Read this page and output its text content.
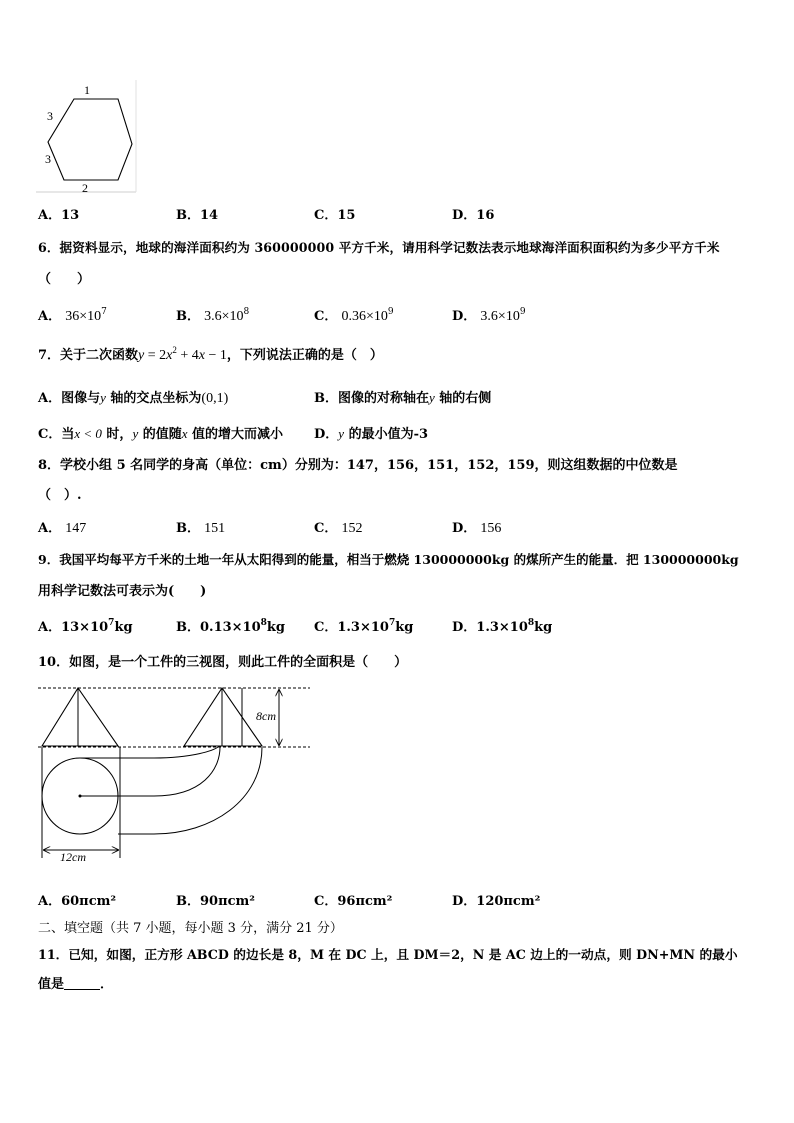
1
3
3
2
A．13	B．14	C．15	D．16
6．据资料显示，地球的海洋面积约为 360000000 平方千米，请用科学记数法表示地球海洋面积面积约为多少平方千米
（　　）
A． $36\times 10^7$	B． $3.6\times 10^8$	C． $0.36\times 10^9$	D． $3.6\times 10^9$
7．关于二次函数$y = 2x^2 + 4x - 1$，下列说法正确的是（　）
A．图像与y 轴的交点坐标为(0,1)	B．图像的对称轴在y 轴的右侧
C．当x < 0 时，y 的值随x 值的增大而减小 D．y 的最小值为-3
8．学校小组 5 名同学的身高（单位：cm）分别为：147，156，151，152，159，则这组数据的中位数是
（　）.
A． 147	B． 151	C． 152	D． 156
9．我国平均每平方千米的土地一年从太阳得到的能量，相当于燃烧 130000000kg 的煤所产生的能量．把 130000000kg
用科学记数法可表示为(　　)
A．$13\times 10^7kg$	B．$0.13\times 10^8kg$ C．$1.3\times 10^7kg$	D．$1.3\times 10^8kg$
10．如图，是一个工件的三视图，则此工件的全面积是（　　）
8cm
12cm
A．60πcm²	B．90πcm²	C．96πcm²	D．120πcm²
二、填空题（共 7 小题，每小题 3 分，满分 21 分）
11．已知，如图，正方形 ABCD 的边长是 8，M 在 DC 上，且 DM＝2，N 是 AC 边上的一动点，则 DN+MN 的最小
值是	．
